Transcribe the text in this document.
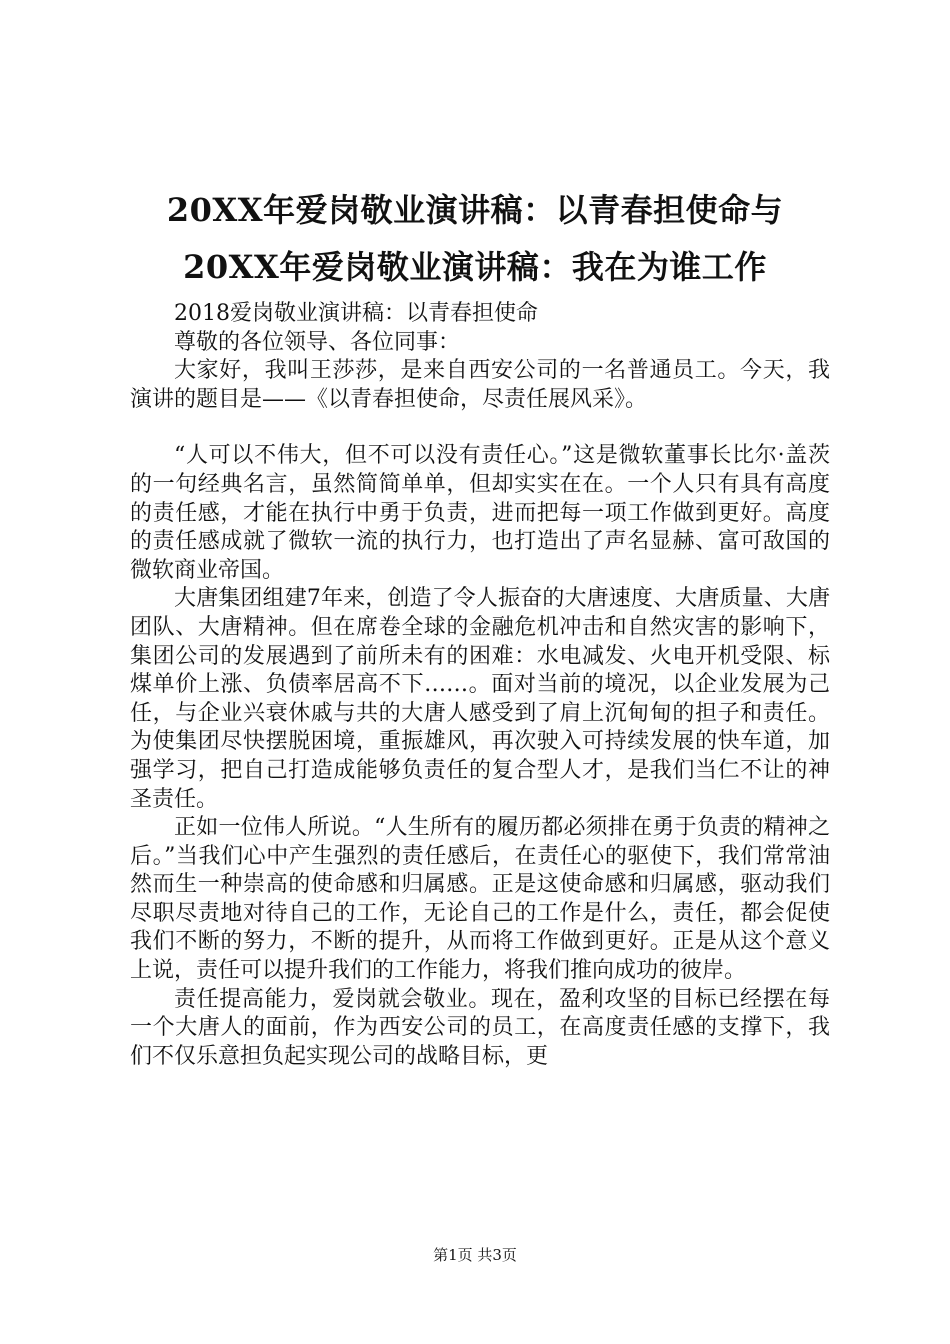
20XX年爱岗敬业演讲稿：以青春担使命与
20XX年爱岗敬业演讲稿：我在为谁工作

2018爱岗敬业演讲稿：以青春担使命

尊敬的各位领导、各位同事：

大家好，我叫王莎莎，是来自西安公司的一名普通员工。今天，我演讲的题目是——《以青春担使命，尽责任展风采》。

“人可以不伟大，但不可以没有责任心。”这是微软董事长比尔·盖茨的一句经典名言，虽然简简单单，但却实实在在。一个人只有具有高度的责任感，才能在执行中勇于负责，进而把每一项工作做到更好。高度的责任感成就了微软一流的执行力，也打造出了声名显赫、富可敌国的微软商业帝国。

大唐集团组建7年来，创造了令人振奋的大唐速度、大唐质量、大唐团队、大唐精神。但在席卷全球的金融危机冲击和自然灾害的影响下，集团公司的发展遇到了前所未有的困难：水电减发、火电开机受限、标煤单价上涨、负债率居高不下……。面对当前的境况，以企业发展为己任，与企业兴衰休戚与共的大唐人感受到了肩上沉甸甸的担子和责任。为使集团尽快摆脱困境，重振雄风，再次驶入可持续发展的快车道，加强学习，把自己打造成能够负责任的复合型人才，是我们当仁不让的神圣责任。

正如一位伟人所说。“人生所有的履历都必须排在勇于负责的精神之后。”当我们心中产生强烈的责任感后，在责任心的驱使下，我们常常油然而生一种崇高的使命感和归属感。正是这使命感和归属感，驱动我们尽职尽责地对待自己的工作，无论自己的工作是什么，责任，都会促使我们不断的努力，不断的提升，从而将工作做到更好。正是从这个意义上说，责任可以提升我们的工作能力，将我们推向成功的彼岸。

责任提高能力，爱岗就会敬业。现在，盈利攻坚的目标已经摆在每一个大唐人的面前，作为西安公司的员工，在高度责任感的支撑下，我们不仅乐意担负起实现公司的战略目标，更

第1页 共3页
